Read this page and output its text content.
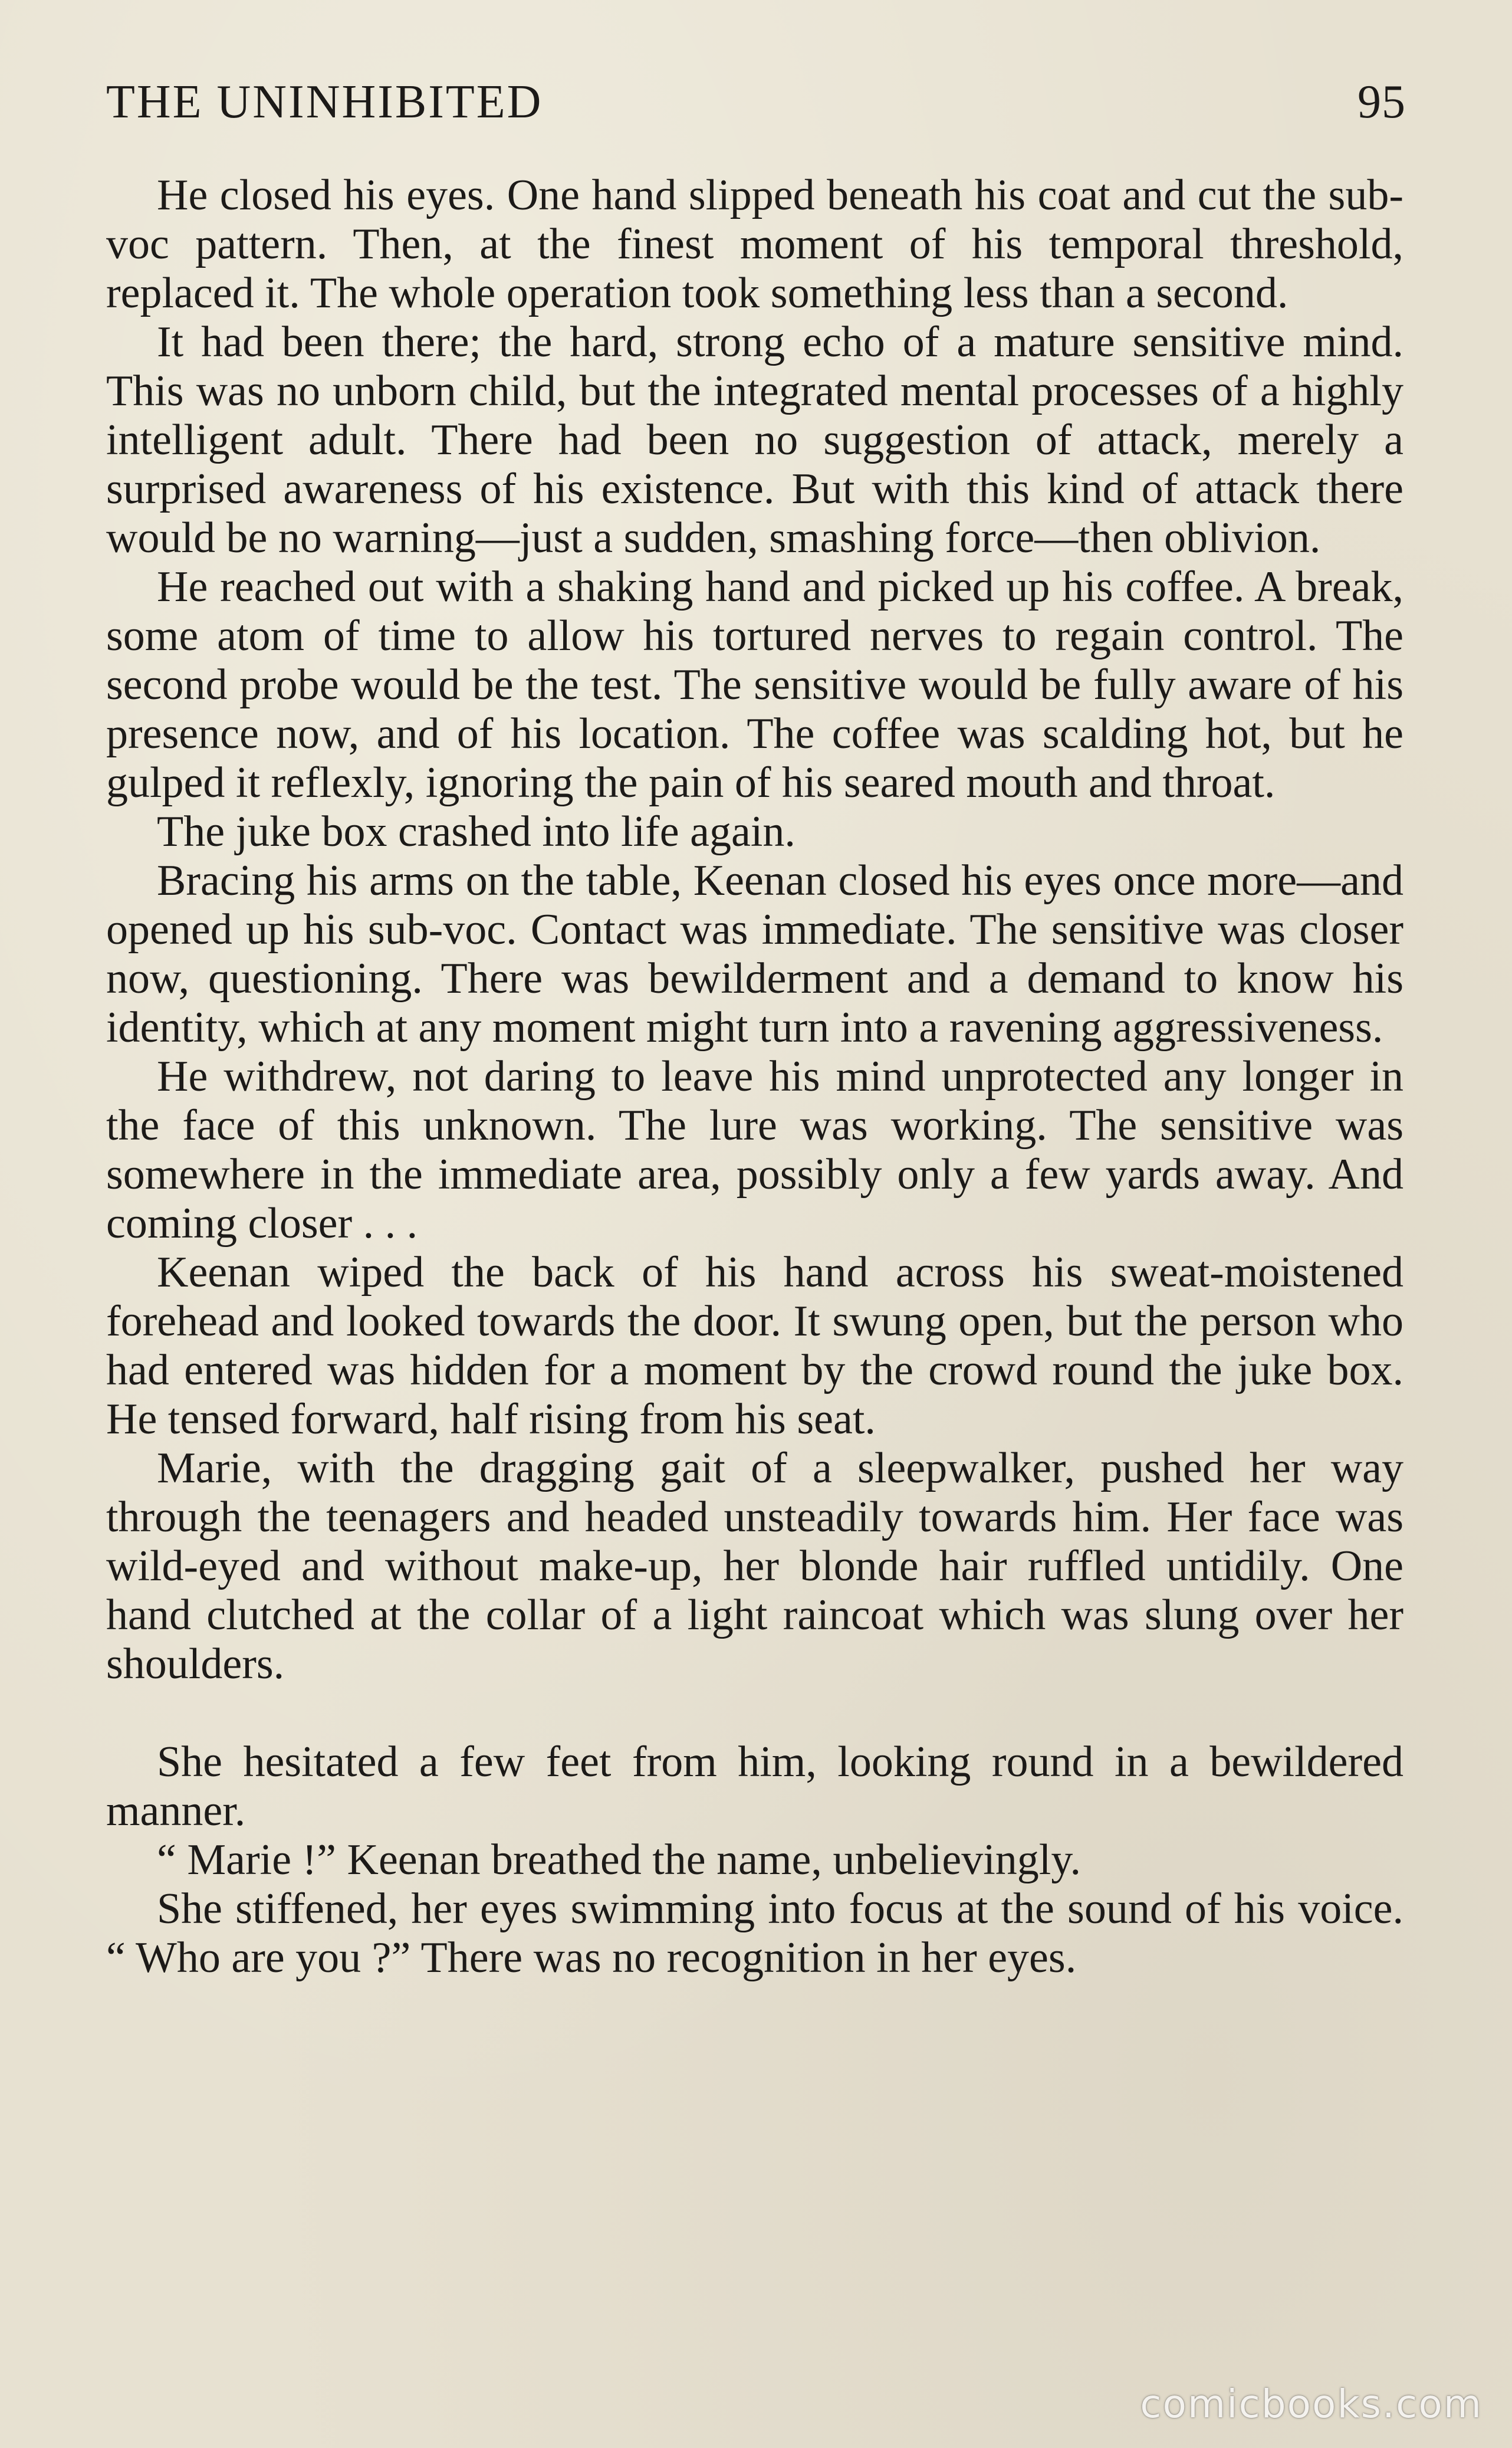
THE UNINHIBITED	95

He closed his eyes. One hand slipped beneath his coat and cut the sub-voc pattern. Then, at the finest moment of his temporal threshold, replaced it. The whole operation took something less than a second.

It had been there; the hard, strong echo of a mature sensitive mind. This was no unborn child, but the integrated mental processes of a highly intelligent adult. There had been no suggestion of attack, merely a surprised awareness of his existence. But with this kind of attack there would be no warning—just a sudden, smashing force—then oblivion.

He reached out with a shaking hand and picked up his coffee. A break, some atom of time to allow his tortured nerves to regain control. The second probe would be the test. The sensitive would be fully aware of his presence now, and of his location. The coffee was scalding hot, but he gulped it reflexly, ignoring the pain of his seared mouth and throat.

The juke box crashed into life again.

Bracing his arms on the table, Keenan closed his eyes once more—and opened up his sub-voc. Contact was immediate. The sensitive was closer now, questioning. There was bewilderment and a demand to know his identity, which at any moment might turn into a ravening aggressiveness.

He withdrew, not daring to leave his mind unprotected any longer in the face of this unknown. The lure was working. The sensitive was somewhere in the immediate area, possibly only a few yards away. And coming closer . . .

Keenan wiped the back of his hand across his sweat-moistened forehead and looked towards the door. It swung open, but the person who had entered was hidden for a moment by the crowd round the juke box. He tensed forward, half rising from his seat.

Marie, with the dragging gait of a sleepwalker, pushed her way through the teenagers and headed unsteadily towards him. Her face was wild-eyed and without make-up, her blonde hair ruffled untidily. One hand clutched at the collar of a light raincoat which was slung over her shoulders.

She hesitated a few feet from him, looking round in a bewildered manner.

“ Marie !” Keenan breathed the name, unbelievingly.

She stiffened, her eyes swimming into focus at the sound of his voice. “ Who are you ?” There was no recognition in her eyes.

comicbooks.com
